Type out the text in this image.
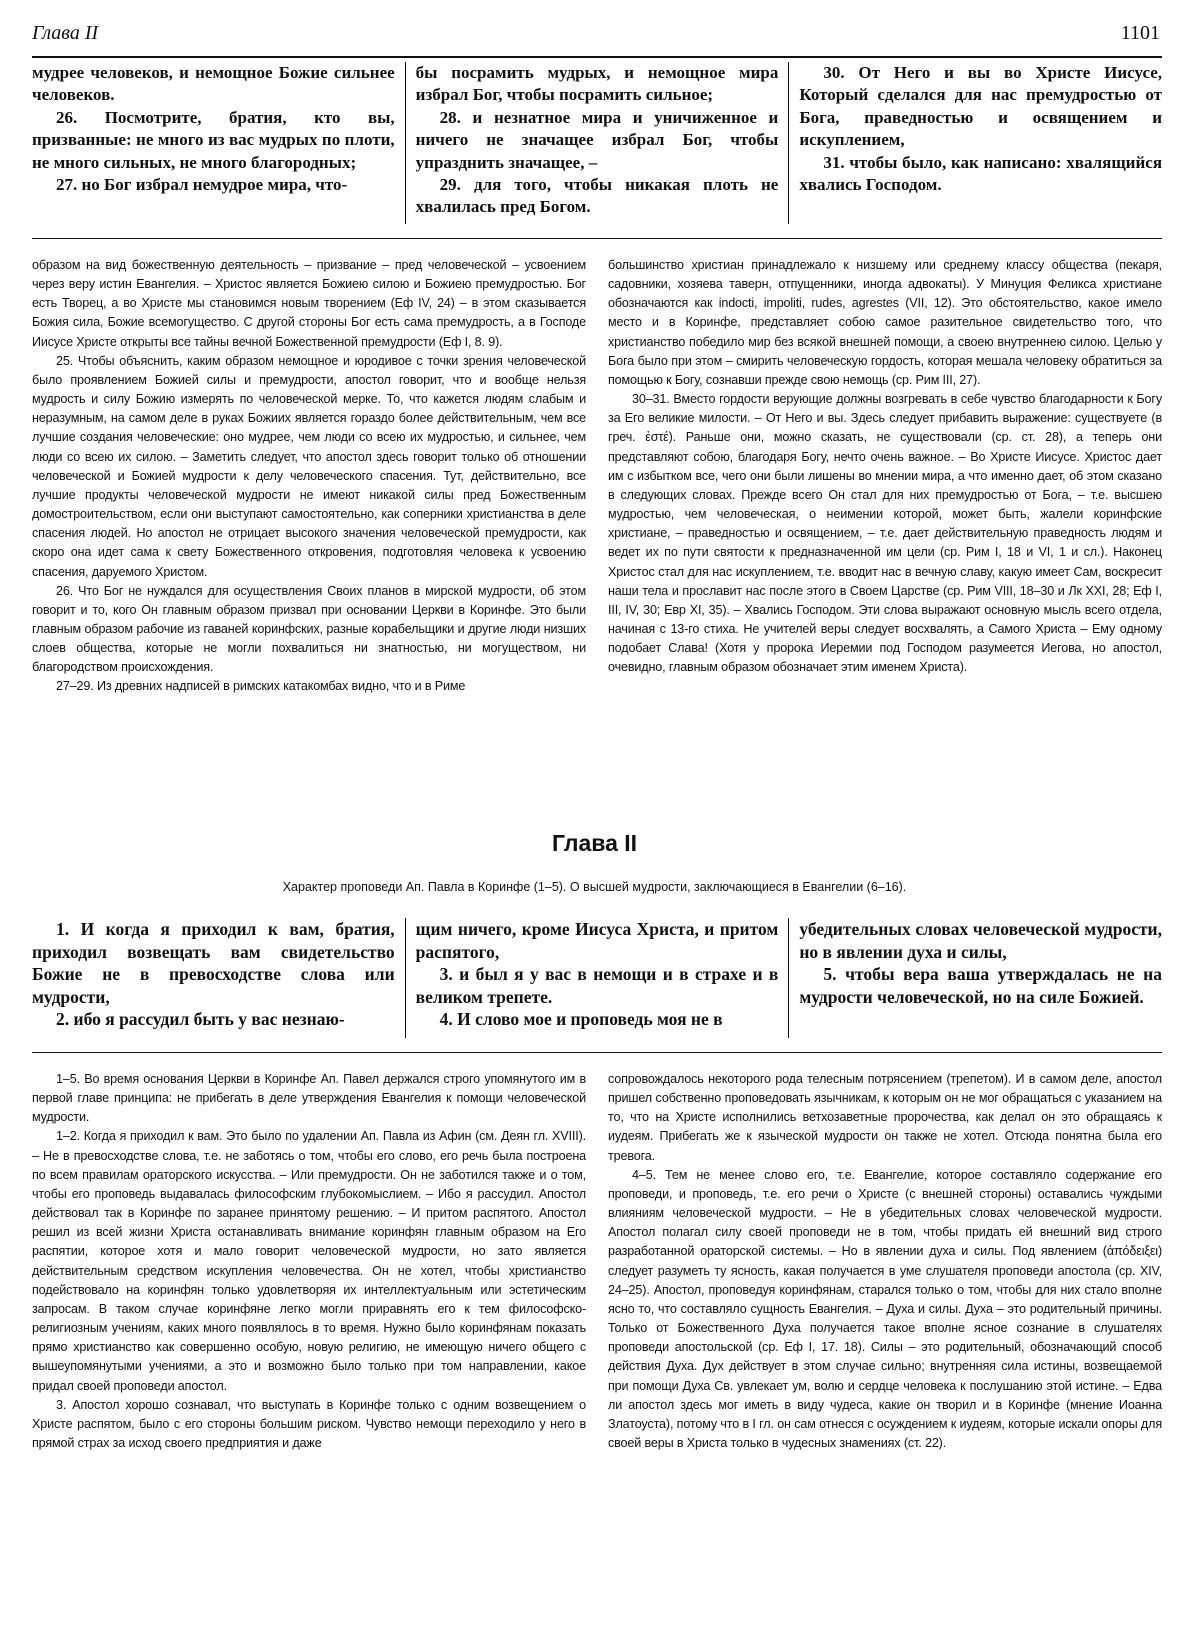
Глава II	1101

мудрее человеков, и немощное Божие сильнее человеков.

26. Посмотрите, братия, кто вы, призванные: не много из вас мудрых по плоти, не много сильных, не много благородных;

27. но Бог избрал немудрое мира, что-

бы посрамить мудрых, и немощное мира избрал Бог, чтобы посрамить сильное;

28. и незнатное мира и уничиженное и ничего не значащее избрал Бог, чтобы упразднить значащее, –

29. для того, чтобы никакая плоть не хвалилась пред Богом.

30. От Него и вы во Христе Иисусе, Который сделался для нас премудростью от Бога, праведностью и освящением и искуплением,

31. чтобы было, как написано: хвалящийся хвались Господом.

образом на вид божественную деятельность – призвание – пред человеческой – усвоением через веру истин Евангелия. – Христос является Божиею силою и Божиею премудростью. Бог есть Творец, а во Христе мы становимся новым творением (Еф IV, 24) – в этом сказывается Божия сила, Божие всемогущество. С другой стороны Бог есть сама премудрость, а в Господе Иисусе Христе открыты все тайны вечной Божественной премудрости (Еф I, 8. 9).

25. Чтобы объяснить, каким образом немощное и юродивое с точки зрения человеческой было проявлением Божией силы и премудрости, апостол говорит, что и вообще нельзя мудрость и силу Божию измерять по человеческой мерке. То, что кажется людям слабым и неразумным, на самом деле в руках Божиих является гораздо более действительным, чем все лучшие создания человеческие: оно мудрее, чем люди со всею их мудростью, и сильнее, чем люди со всею их силою. – Заметить следует, что апостол здесь говорит только об отношении человеческой и Божией мудрости к делу человеческого спасения. Тут, действительно, все лучшие продукты человеческой мудрости не имеют никакой силы пред Божественным домостроительством, если они выступают самостоятельно, как соперники христианства в деле спасения людей. Но апостол не отрицает высокого значения человеческой премудрости, как скоро она идет сама к свету Божественного откровения, подготовляя человека к усвоению спасения, даруемого Христом.

26. Что Бог не нуждался для осуществления Своих планов в мирской мудрости, об этом говорит и то, кого Он главным образом призвал при основании Церкви в Коринфе. Это были главным образом рабочие из гаваней коринфских, разные корабельщики и другие люди низших слоев общества, которые не могли похвалиться ни знатностью, ни могуществом, ни благородством происхождения.

27–29. Из древних надписей в римских катакомбах видно, что и в Риме

большинство христиан принадлежало к низшему или среднему классу общества (пекаря, садовники, хозяева таверн, отпущенники, иногда адвокаты). У Минуция Феликса христиане обозначаются как indocti, impoliti, rudes, agrestes (VII, 12). Это обстоятельство, какое имело место и в Коринфе, представляет собою самое разительное свидетельство того, что христианство победило мир без всякой внешней помощи, а своею внутреннею силою. Целью у Бога было при этом – смирить человеческую гордость, которая мешала человеку обратиться за помощью к Богу, сознавши прежде свою немощь (ср. Рим III, 27).

30–31. Вместо гордости верующие должны возгревать в себе чувство благодарности к Богу за Его великие милости. – От Него и вы. Здесь следует прибавить выражение: существуете (в греч. ἐστέ). Раньше они, можно сказать, не существовали (ср. ст. 28), а теперь они представляют собою, благодаря Богу, нечто очень важное. – Во Христе Иисусе. Христос дает им с избытком все, чего они были лишены во мнении мира, а что именно дает, об этом сказано в следующих словах. Прежде всего Он стал для них премудростью от Бога, – т.е. высшею мудростью, чем человеческая, о неимении которой, может быть, жалели коринфские христиане, – праведностью и освящением, – т.е. дает действительную праведность людям и ведет их по пути святости к предназначенной им цели (ср. Рим I, 18 и VI, 1 и сл.). Наконец Христос стал для нас искуплением, т.е. вводит нас в вечную славу, какую имеет Сам, воскресит наши тела и прославит нас после этого в Своем Царстве (ср. Рим VIII, 18–30 и Лк XXI, 28; Еф I, III, IV, 30; Евр XI, 35). – Хвались Господом. Эти слова выражают основную мысль всего отдела, начиная с 13-го стиха. Не учителей веры следует восхвалять, а Самого Христа – Ему одному подобает Слава! (Хотя у пророка Иеремии под Господом разумеется Иегова, но апостол, очевидно, главным образом обозначает этим именем Христа).

Глава II
Характер проповеди Ап. Павла в Коринфе (1–5). О высшей мудрости, заключающиеся в Евангелии (6–16).

1. И когда я приходил к вам, братия, приходил возвещать вам свидетельство Божие не в превосходстве слова или мудрости,

2. ибо я рассудил быть у вас незнаю-

щим ничего, кроме Иисуса Христа, и притом распятого,

3. и был я у вас в немощи и в страхе и в великом трепете.

4. И слово мое и проповедь моя не в

убедительных словах человеческой мудрости, но в явлении духа и силы,

5. чтобы вера ваша утверждалась не на мудрости человеческой, но на силе Божией.

1–5. Во время основания Церкви в Коринфе Ап. Павел держался строго упомянутого им в первой главе принципа: не прибегать в деле утверждения Евангелия к помощи человеческой мудрости.

1–2. Когда я приходил к вам. Это было по удалении Ап. Павла из Афин (см. Деян гл. XVIII). – Не в превосходстве слова, т.е. не заботясь о том, чтобы его слово, его речь была построена по всем правилам ораторского искусства. – Или премудрости. Он не заботился также и о том, чтобы его проповедь выдавалась философским глубокомыслием. – Ибо я рассудил. Апостол действовал так в Коринфе по заранее принятому решению. – И притом распятого. Апостол решил из всей жизни Христа останавливать внимание коринфян главным образом на Его распятии, которое хотя и мало говорит человеческой мудрости, но зато является действительным средством искупления человечества. Он не хотел, чтобы христианство подействовало на коринфян только удовлетворяя их интеллектуальным или эстетическим запросам. В таком случае коринфяне легко могли приравнять его к тем философско-религиозным учениям, каких много появлялось в то время. Нужно было коринфянам показать прямо христианство как совершенно особую, новую религию, не имеющую ничего общего с вышеупомянутыми учениями, а это и возможно было только при том направлении, какое придал своей проповеди апостол.

3. Апостол хорошо сознавал, что выступать в Коринфе только с одним возвещением о Христе распятом, было с его стороны большим риском. Чувство немощи переходило у него в прямой страх за исход своего предприятия и даже

сопровождалось некоторого рода телесным потрясением (трепетом). И в самом деле, апостол пришел собственно проповедовать язычникам, к которым он не мог обращаться с указанием на то, что на Христе исполнились ветхозаветные пророчества, как делал он это обращаясь к иудеям. Прибегать же к языческой мудрости он также не хотел. Отсюда понятна была его тревога.

4–5. Тем не менее слово его, т.е. Евангелие, которое составляло содержание его проповеди, и проповедь, т.е. его речи о Христе (с внешней стороны) оставались чуждыми влияниям человеческой мудрости. – Не в убедительных словах человеческой мудрости. Апостол полагал силу своей проповеди не в том, чтобы придать ей внешний вид строго разработанной ораторской системы. – Но в явлении духа и силы. Под явлением (ἀπόδειξει) следует разуметь ту ясность, какая получается в уме слушателя проповеди апостола (ср. XIV, 24–25). Апостол, проповедуя коринфянам, старался только о том, чтобы для них стало вполне ясно то, что составляло сущность Евангелия. – Духа и силы. Духа – это родительный причины. Только от Божественного Духа получается такое вполне ясное сознание в слушателях проповеди апостольской (ср. Еф I, 17. 18). Силы – это родительный, обозначающий способ действия Духа. Дух действует в этом случае сильно; внутренняя сила истины, возвещаемой при помощи Духа Св. увлекает ум, волю и сердце человека к послушанию этой истине. – Едва ли апостол здесь мог иметь в виду чудеса, какие он творил и в Коринфе (мнение Иоанна Златоуста), потому что в I гл. он сам отнесся с осуждением к иудеям, которые искали опоры для своей веры в Христа только в чудесных знамениях (ст. 22).
